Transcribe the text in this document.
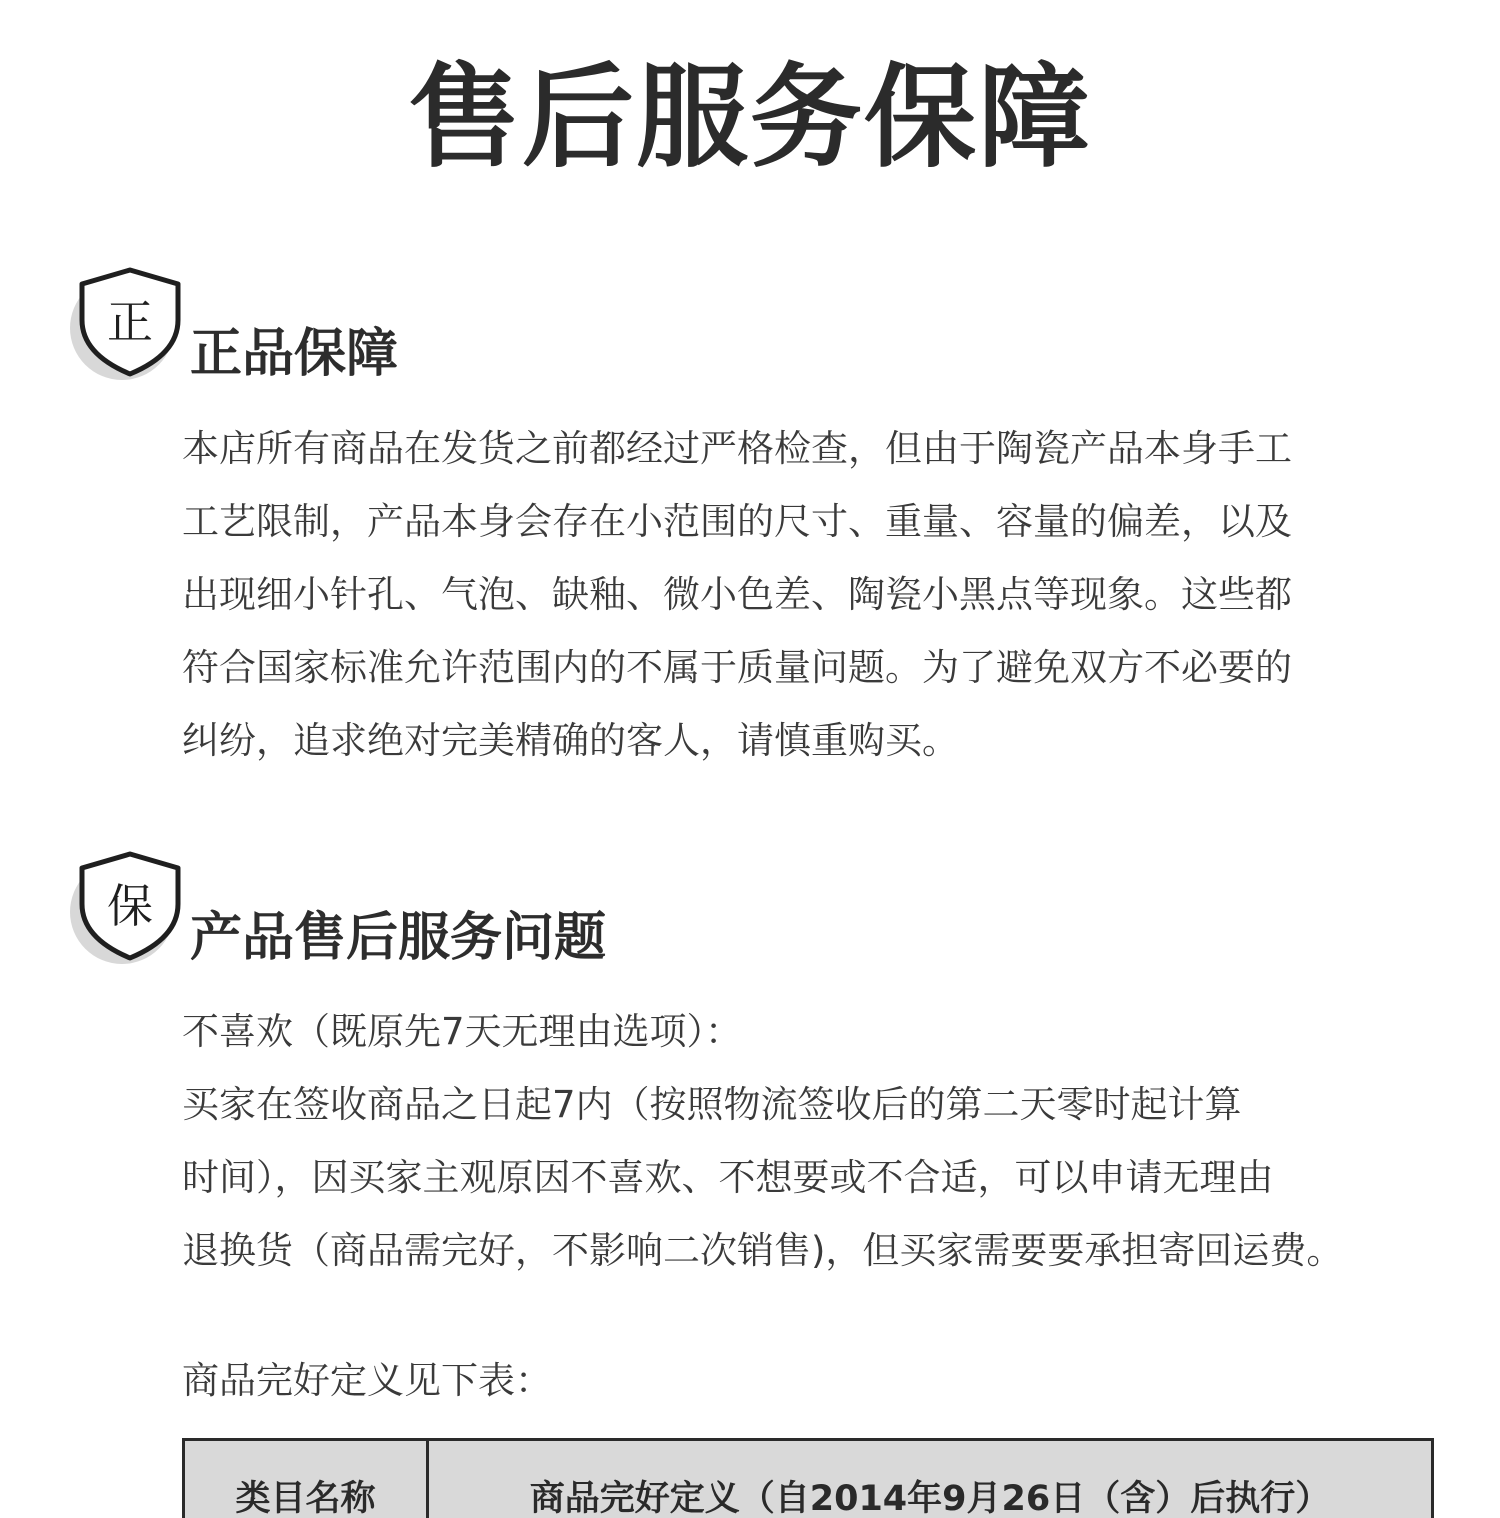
售后服务保障
正
正品保障
本店所有商品在发货之前都经过严格检查，但由于陶瓷产品本身手工
工艺限制，产品本身会存在小范围的尺寸、重量、容量的偏差，以及
出现细小针孔、气泡、缺釉、微小色差、陶瓷小黑点等现象。这些都
符合国家标准允许范围内的不属于质量问题。为了避免双方不必要的
纠纷，追求绝对完美精确的客人，请慎重购买。
保
产品售后服务问题
不喜欢（既原先7天无理由选项）：
买家在签收商品之日起7内（按照物流签收后的第二天零时起计算
时间），因买家主观原因不喜欢、不想要或不合适，可以申请无理由
退换货（商品需完好，不影响二次销售)，但买家需要要承担寄回运费。
商品完好定义见下表：
类目名称	商品完好定义（自2014年9月26日（含）后执行）
